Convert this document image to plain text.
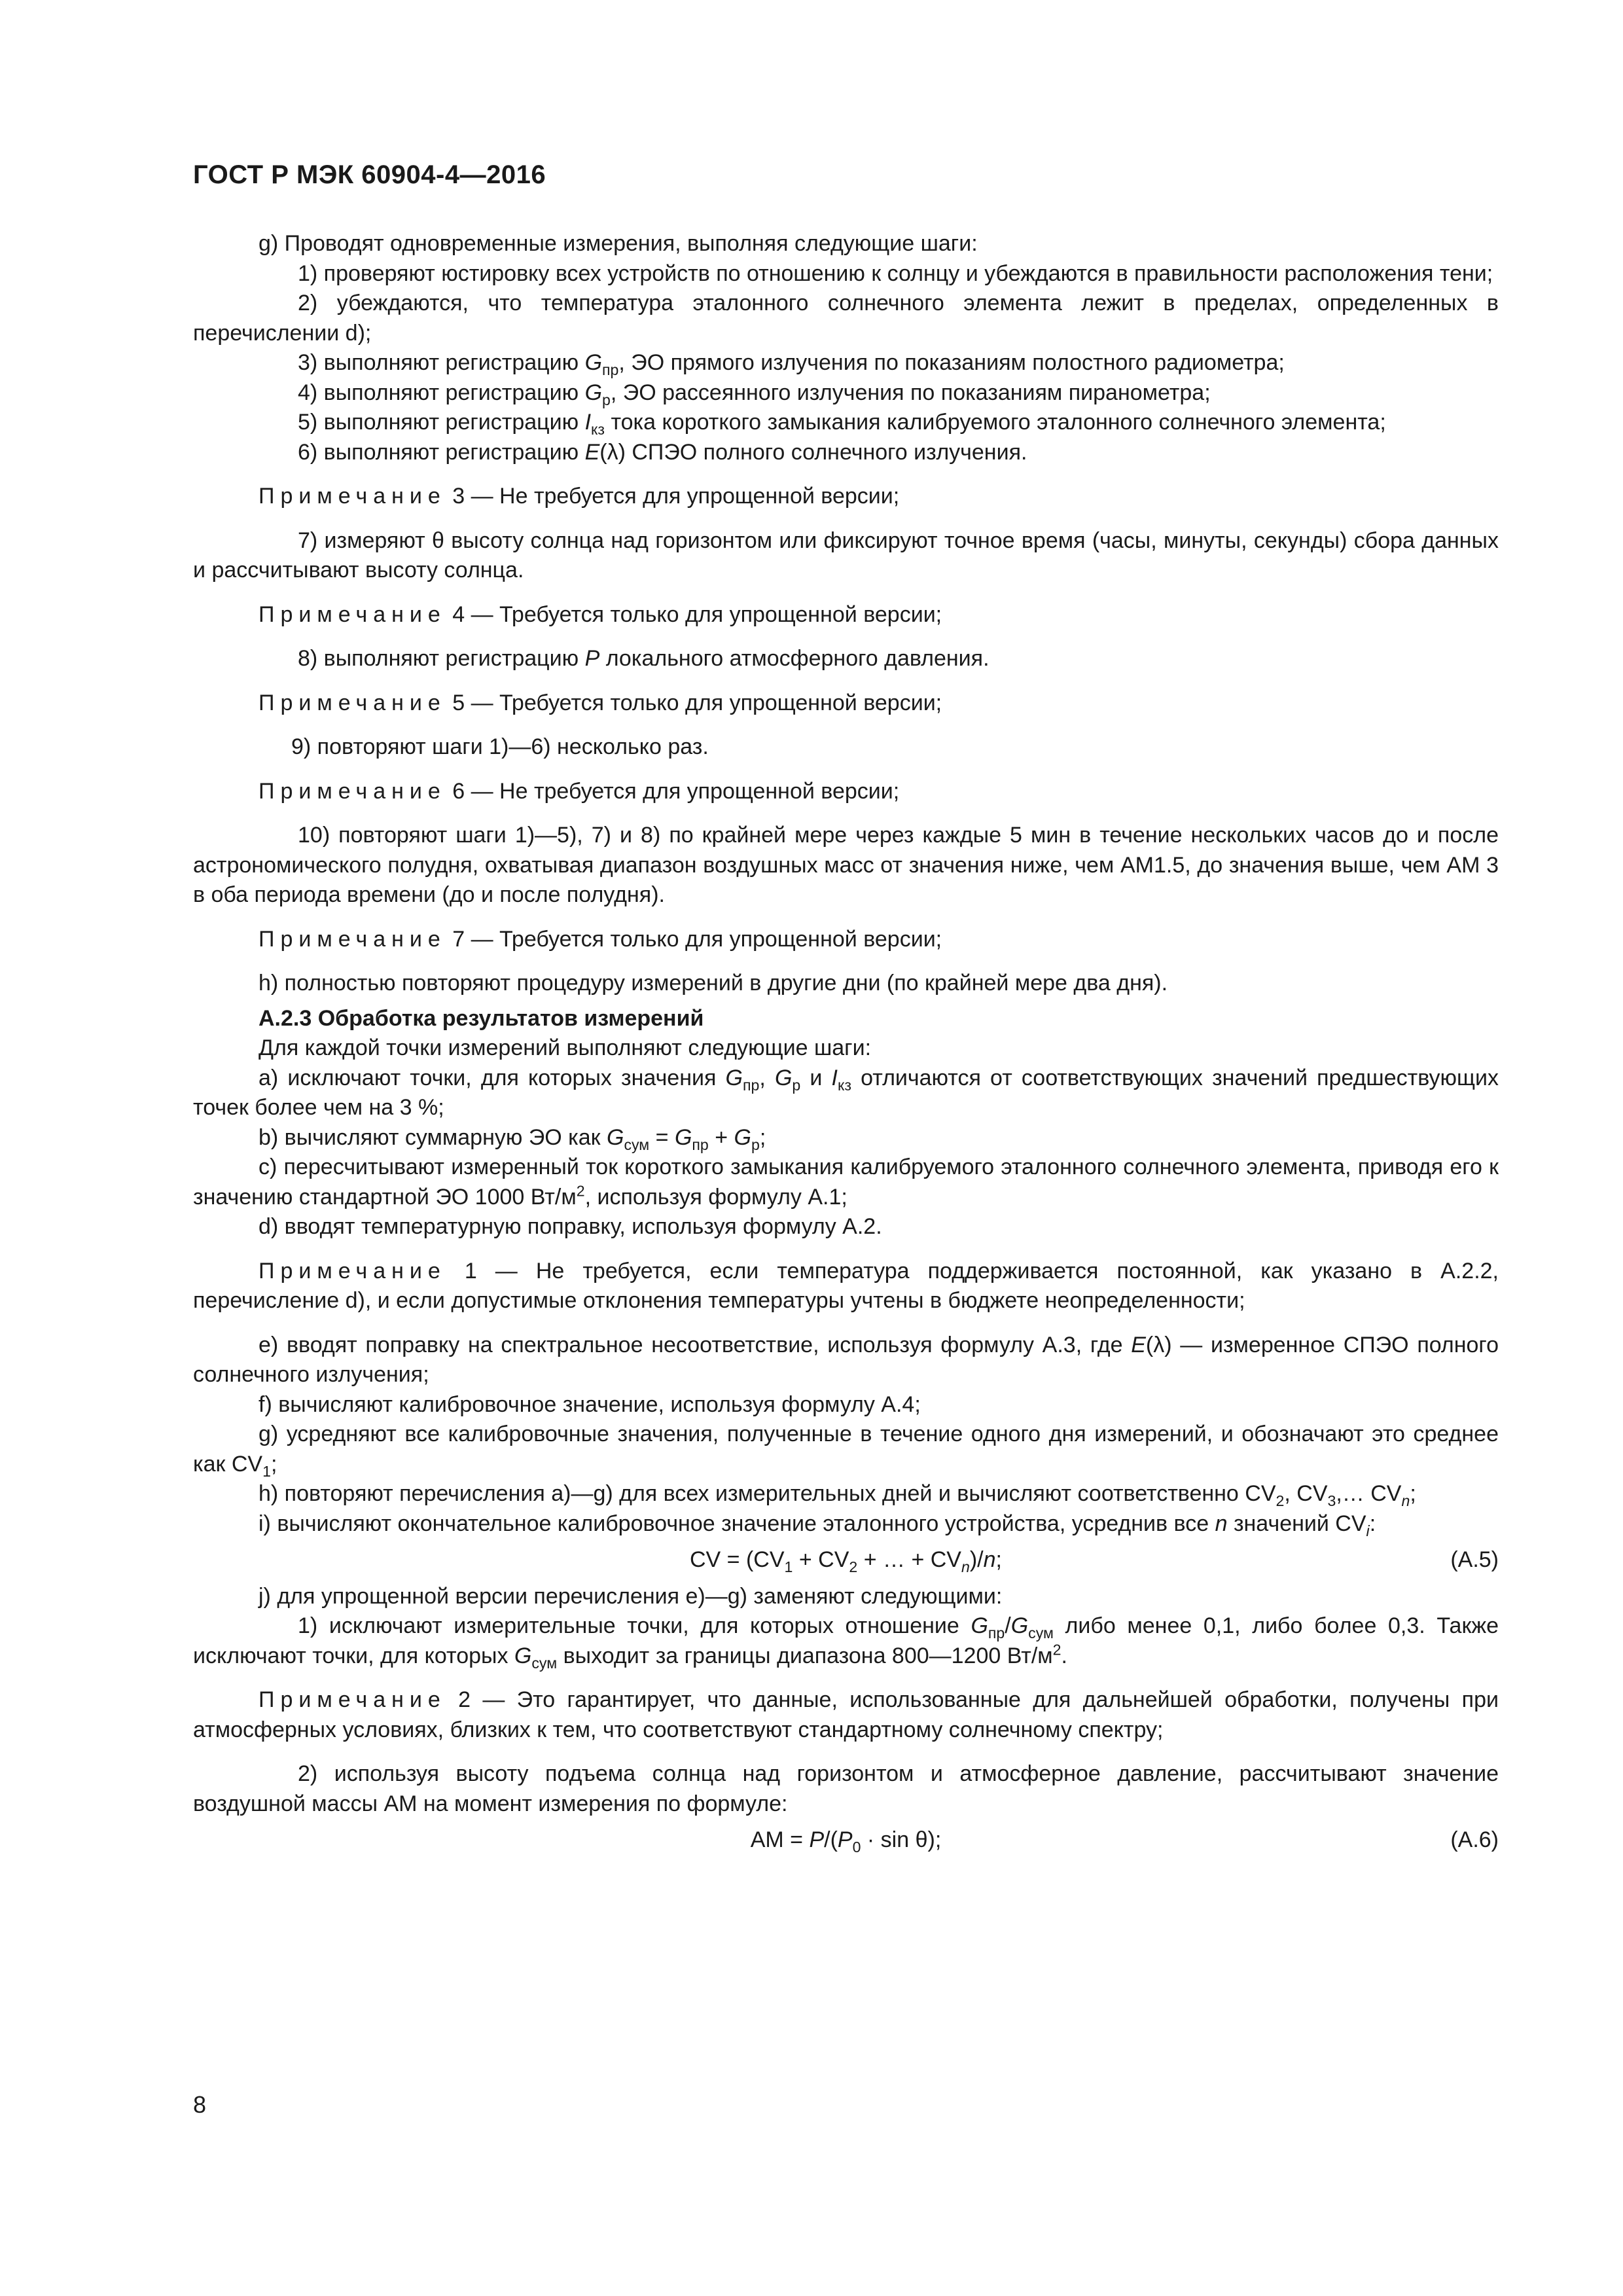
ГОСТ Р МЭК 60904-4—2016

g) Проводят одновременные измерения, выполняя следующие шаги:

1) проверяют юстировку всех устройств по отношению к солнцу и убеждаются в правильности расположения тени;

2) убеждаются, что температура эталонного солнечного элемента лежит в пределах, определенных в перечислении d);

3) выполняют регистрацию $G_{пр}$, ЭО прямого излучения по показаниям полостного радиометра;

4) выполняют регистрацию $G_р$, ЭО рассеянного излучения по показаниям пиранометра;

5) выполняют регистрацию $I_{кз}$ тока короткого замыкания калибруемого эталонного солнечного элемента;

6) выполняют регистрацию E(λ) СПЭО полного солнечного излучения.

Примечание 3 — Не требуется для упрощенной версии;

7) измеряют θ высоту солнца над горизонтом или фиксируют точное время (часы, минуты, секунды) сбора данных и рассчитывают высоту солнца.

Примечание 4 — Требуется только для упрощенной версии;

8) выполняют регистрацию P локального атмосферного давления.

Примечание 5 — Требуется только для упрощенной версии;

9) повторяют шаги 1)—6) несколько раз.

Примечание 6 — Не требуется для упрощенной версии;

10) повторяют шаги 1)—5), 7) и 8) по крайней мере через каждые 5 мин в течение нескольких часов до и после астрономического полудня, охватывая диапазон воздушных масс от значения ниже, чем AM1.5, до значения выше, чем AM 3 в оба периода времени (до и после полудня).

Примечание 7 — Требуется только для упрощенной версии;

h) полностью повторяют процедуру измерений в другие дни (по крайней мере два дня).

А.2.3 Обработка результатов измерений

Для каждой точки измерений выполняют следующие шаги:

a) исключают точки, для которых значения $G_{пр}$, $G_р$ и $I_{кз}$ отличаются от соответствующих значений предшествующих точек более чем на 3 %;

b) вычисляют суммарную ЭО как $G_{сум} = G_{пр} + G_р$;

c) пересчитывают измеренный ток короткого замыкания калибруемого эталонного солнечного элемента, приводя его к значению стандартной ЭО 1000 $Вт/м^2$, используя формулу А.1;

d) вводят температурную поправку, используя формулу А.2.

Примечание 1 — Не требуется, если температура поддерживается постоянной, как указано в А.2.2, перечисление d), и если допустимые отклонения температуры учтены в бюджете неопределенности;

e) вводят поправку на спектральное несоответствие, используя формулу А.3, где E(λ) — измеренное СПЭО полного солнечного излучения;

f) вычисляют калибровочное значение, используя формулу А.4;

g) усредняют все калибровочные значения, полученные в течение одного дня измерений, и обозначают это среднее как $CV_1$;

h) повторяют перечисления а)—g) для всех измерительных дней и вычисляют соответственно $CV_2$, $CV_3,\dots$ $CV_n$;

i) вычисляют окончательное калибровочное значение эталонного устройства, усреднив все n значений $CV_i$:

CV = ($CV_1 + CV_2$ + … + $CV_n)/n$;	(А.5)

j) для упрощенной версии перечисления е)—g) заменяют следующими:

1) исключают измерительные точки, для которых отношение $G_{пр}/G_{сум}$ либо менее 0,1, либо более 0,3. Также исключают точки, для которых $G_{сум}$ выходит за границы диапазона 800—1200 $Вт/м^2$.

Примечание 2 — Это гарантирует, что данные, использованные для дальнейшей обработки, получены при атмосферных условиях, близких к тем, что соответствуют стандартному солнечному спектру;

2) используя высоту подъема солнца над горизонтом и атмосферное давление, рассчитывают значение воздушной массы АМ на момент измерения по формуле:

АМ = $P/(P_0 \cdot \sin \theta)$;	(А.6)

8
